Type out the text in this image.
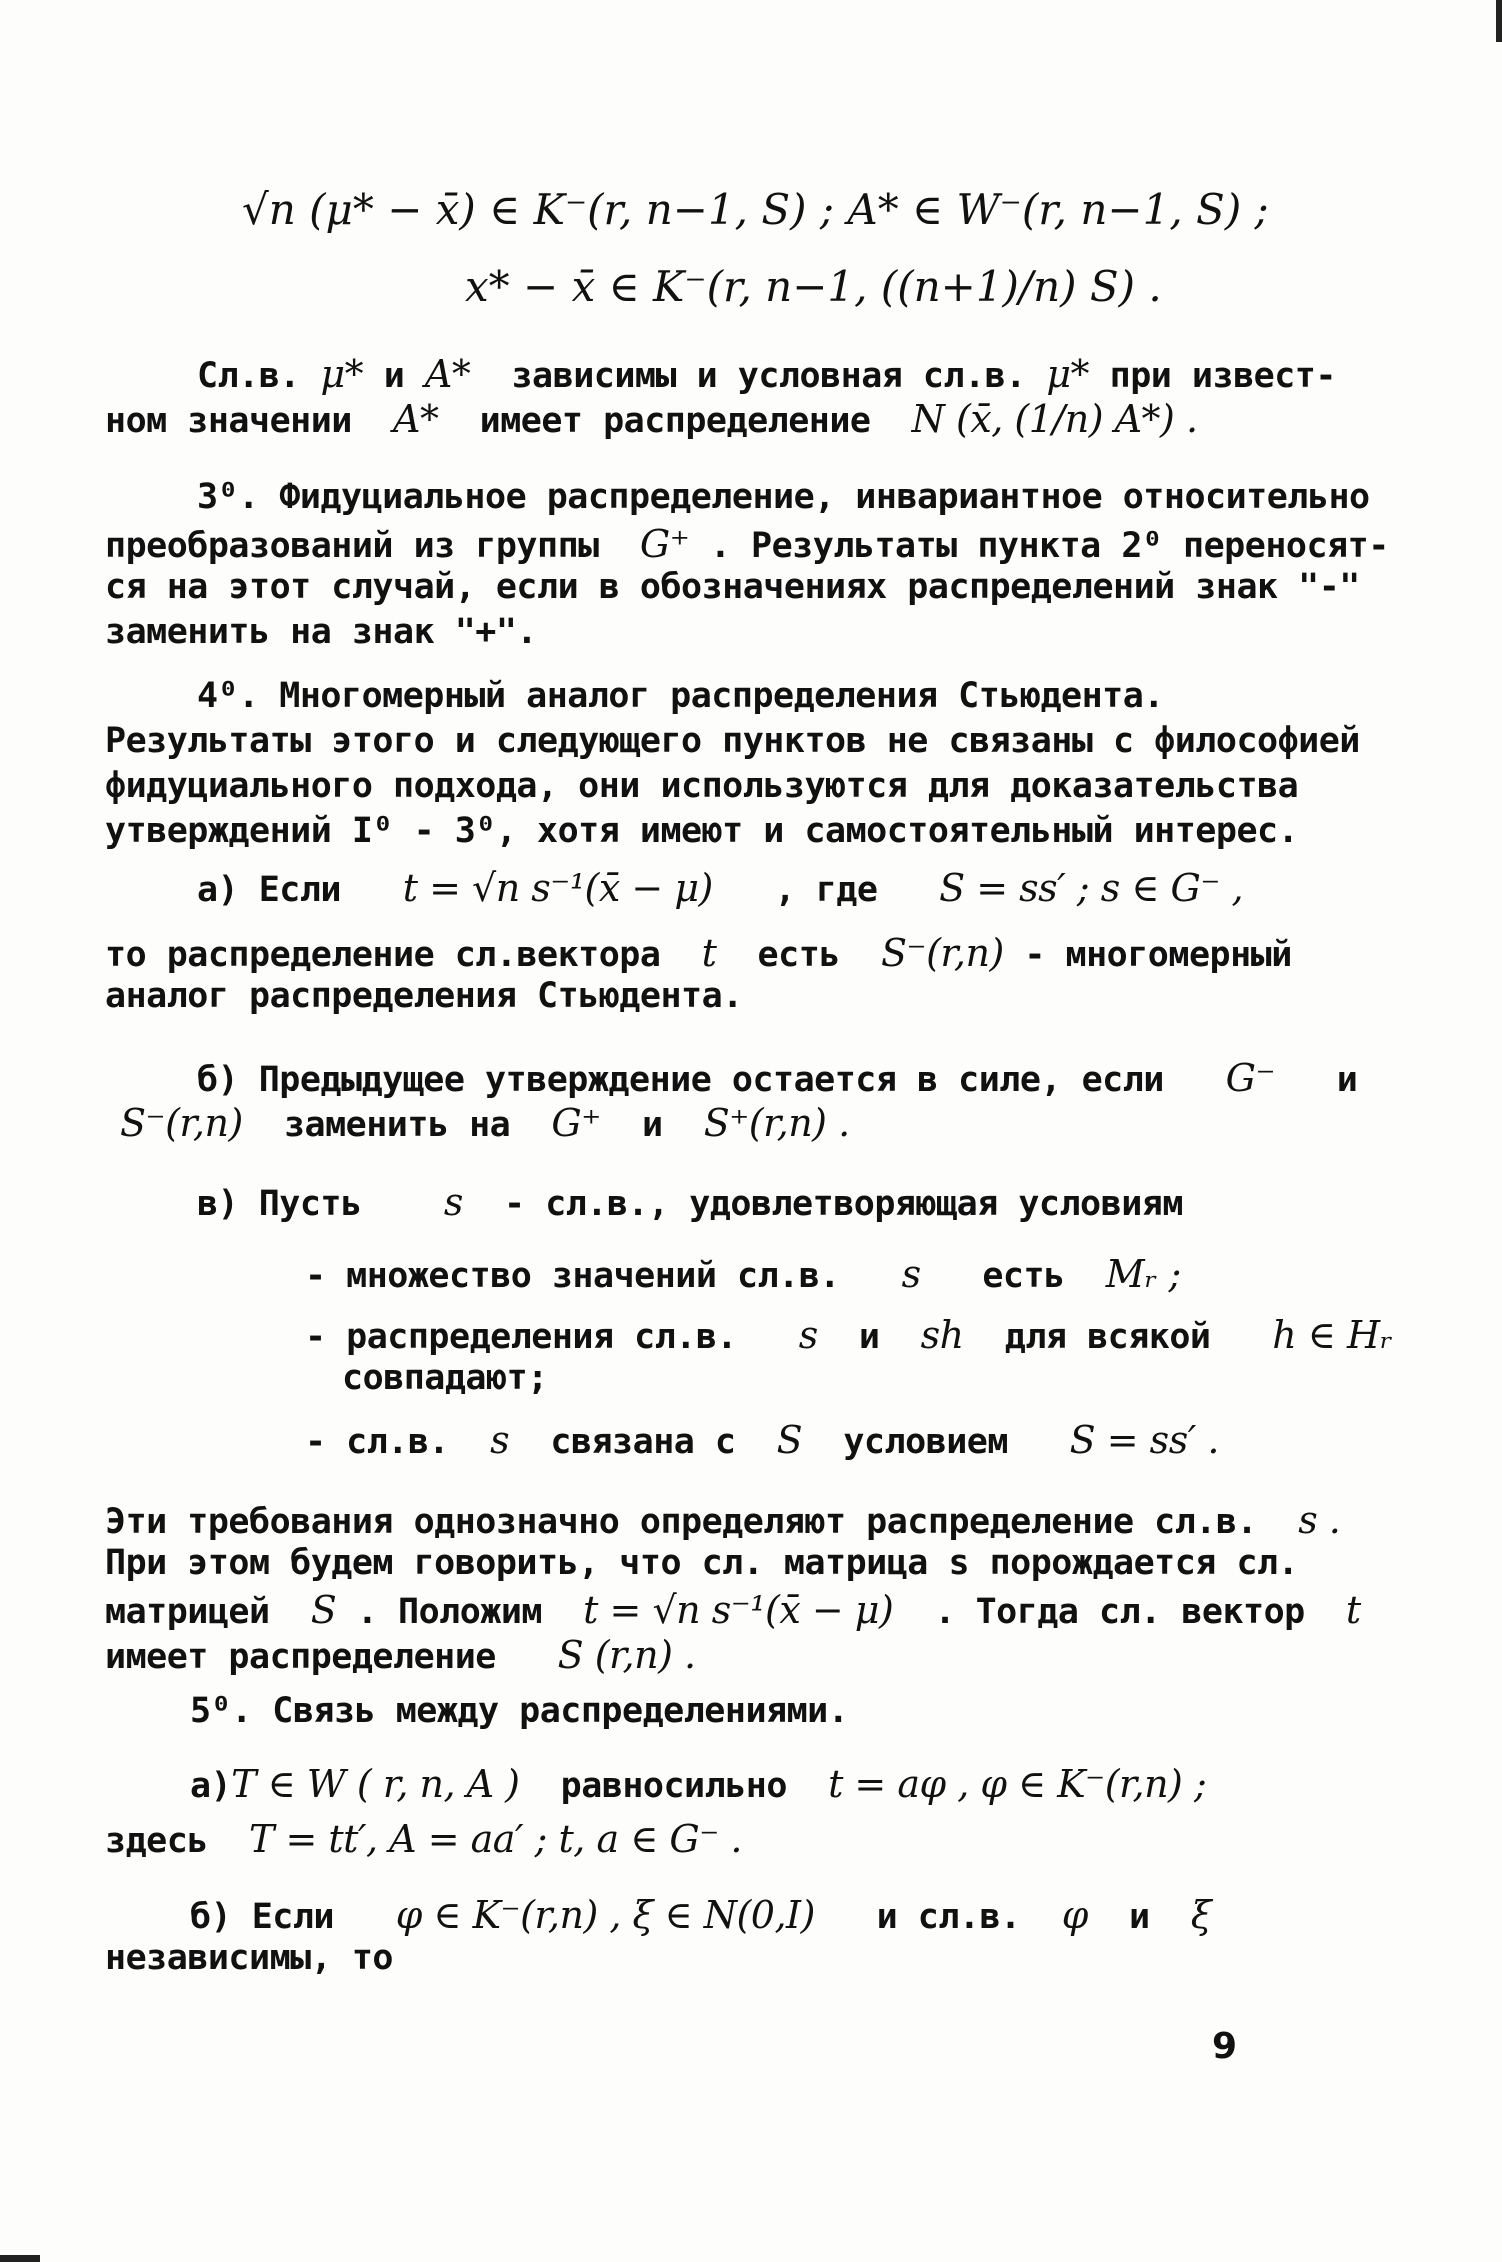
√n (μ* − x̄) ∈ K⁻(r, n−1, S) ; A* ∈ W⁻(r, n−1, S) ;
x* − x̄ ∈ K⁻(r, n−1, ((n+1)/n) S) .
Сл.в. μ* и A* зависимы и условная сл.в. μ* при извест-
ном значении A* имеет распределение N (x̄, (1/n) A*) .
3⁰. Фидуциальное распределение, инвариантное относительно
преобразований из группы G⁺ . Результаты пункта 2⁰ переносят-
ся на этот случай, если в обозначениях распределений знак "-"
заменить на знак "+".
4⁰. Многомерный аналог распределения Стьюдента.
Результаты этого и следующего пунктов не связаны с философией
фидуциального подхода, они используются для доказательства
утверждений I⁰ - 3⁰, хотя имеют и самостоятельный интерес.
а) Если t = √n s⁻¹(x̄ − μ) , где S = ss′ ; s ∈ G⁻ ,
то распределение сл.вектора t есть S⁻(r,n) - многомерный
аналог распределения Стьюдента.
б) Предыдущее утверждение остается в силе, если G⁻ и
S⁻(r,n) заменить на G⁺ и S⁺(r,n) .
в) Пусть s - сл.в., удовлетворяющая условиям
- множество значений сл.в. s есть Mᵣ ;
- распределения сл.в. s и sh для всякой h ∈ Hᵣ
совпадают;
- сл.в. s связана с S условием S = ss′ .
Эти требования однозначно определяют распределение сл.в. s .
При этом будем говорить, что сл. матрица s порождается сл.
матрицей S . Положим t = √n s⁻¹(x̄ − μ) . Тогда сл. вектор t
имеет распределение S (r,n) .
5⁰. Связь между распределениями.
а)T ∈ W ( r, n, A ) равносильно t = aφ , φ ∈ K⁻(r,n) ;
здесь T = tt′, A = aa′ ; t, a ∈ G⁻ .
б) Если φ ∈ K⁻(r,n) , ξ ∈ N(0,I) и сл.в. φ и ξ
независимы, то
9
